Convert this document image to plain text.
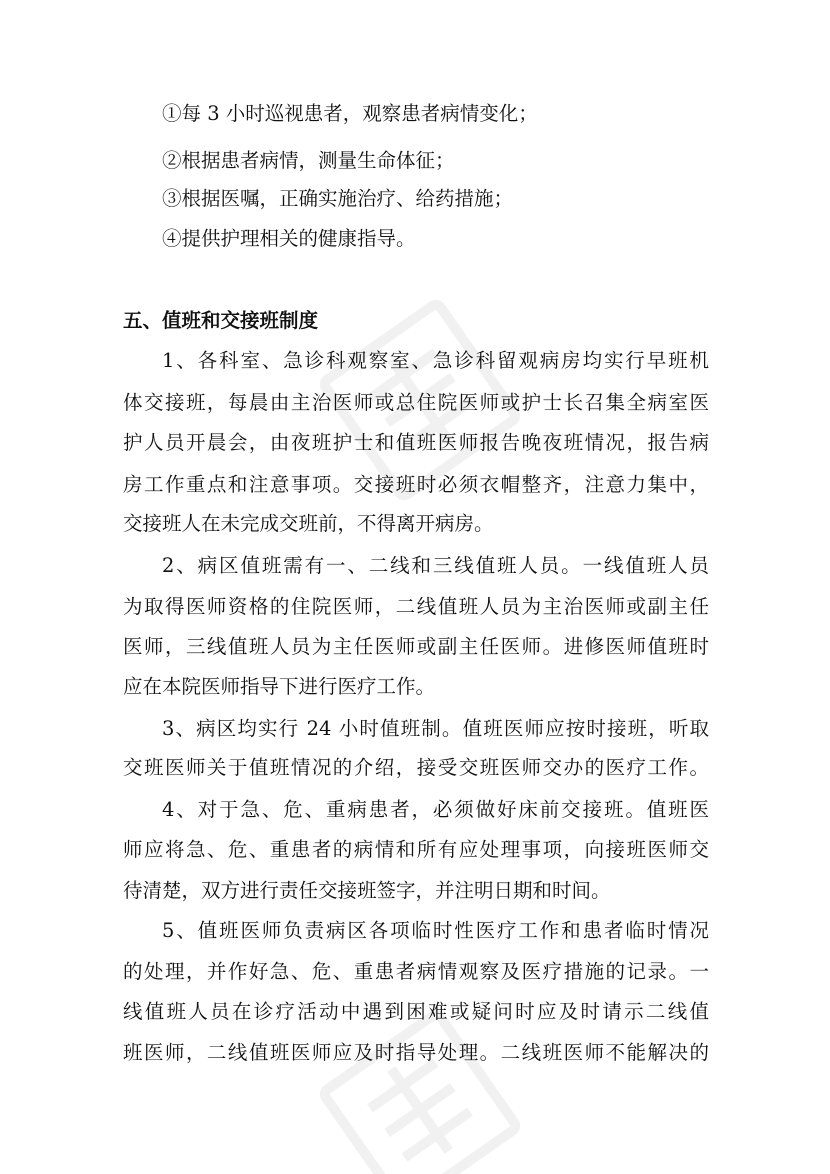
①每 3 小时巡视患者，观察患者病情变化；
②根据患者病情，测量生命体征；
③根据医嘱，正确实施治疗、给药措施；
④提供护理相关的健康指导。
五、值班和交接班制度
1、各科室、急诊科观察室、急诊科留观病房均实行早班机
体交接班，每晨由主治医师或总住院医师或护士长召集全病室医
护人员开晨会，由夜班护士和值班医师报告晚夜班情况，报告病
房工作重点和注意事项。交接班时必须衣帽整齐，注意力集中，
交接班人在未完成交班前，不得离开病房。
2、病区值班需有一、二线和三线值班人员。一线值班人员
为取得医师资格的住院医师，二线值班人员为主治医师或副主任
医师，三线值班人员为主任医师或副主任医师。进修医师值班时
应在本院医师指导下进行医疗工作。
3、病区均实行 24 小时值班制。值班医师应按时接班，听取
交班医师关于值班情况的介绍，接受交班医师交办的医疗工作。
4、对于急、危、重病患者，必须做好床前交接班。值班医
师应将急、危、重患者的病情和所有应处理事项，向接班医师交
待清楚，双方进行责任交接班签字，并注明日期和时间。
5、值班医师负责病区各项临时性医疗工作和患者临时情况
的处理，并作好急、危、重患者病情观察及医疗措施的记录。一
线值班人员在诊疗活动中遇到困难或疑问时应及时请示二线值
班医师，二线值班医师应及时指导处理。二线班医师不能解决的
